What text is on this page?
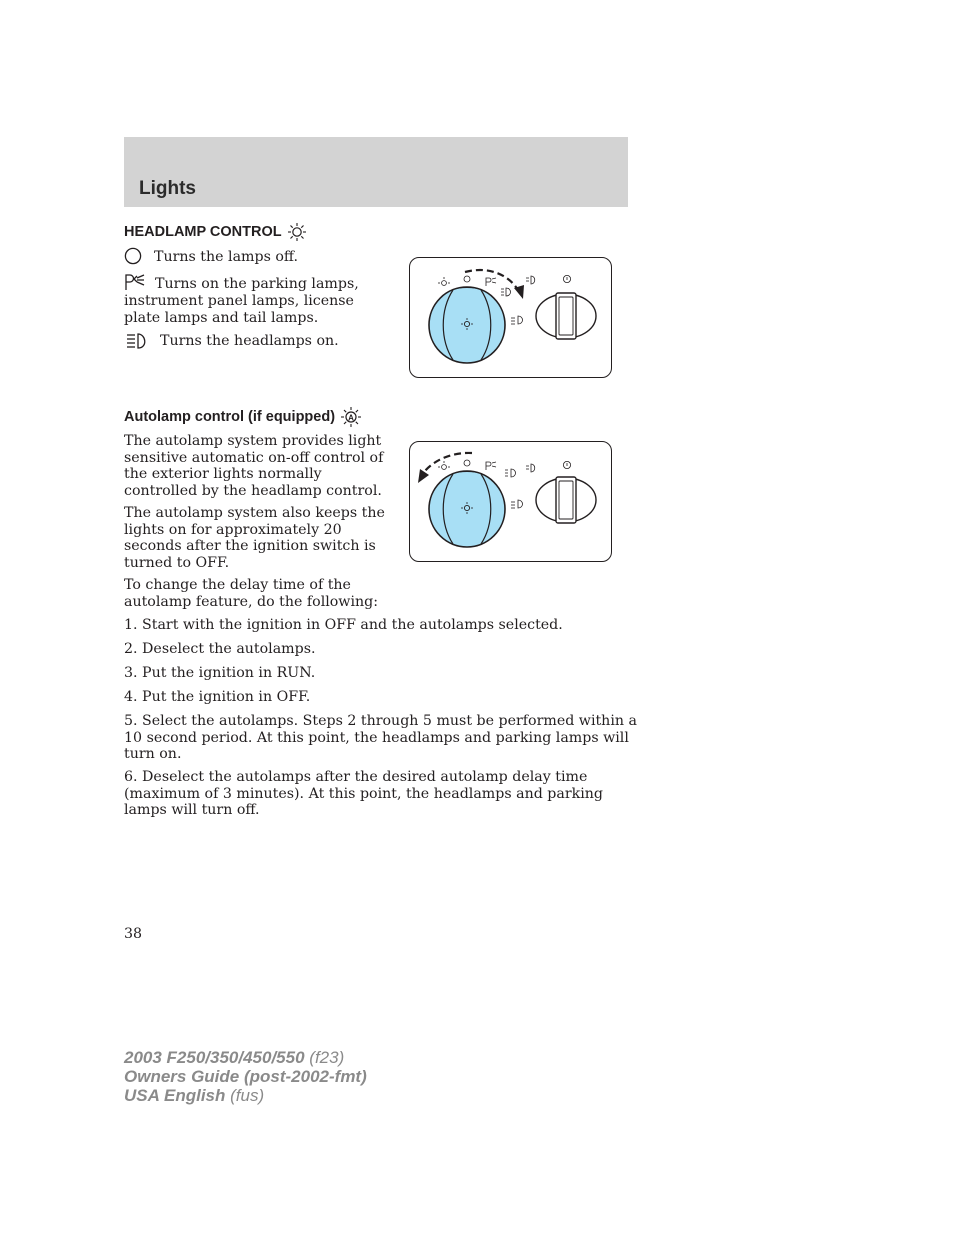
Lights
HEADLAMP CONTROL
Turns the lamps off.
Turns on the parking lamps,
instrument panel lamps, license
plate lamps and tail lamps.
Turns the headlamps on.
Autolamp control (if equipped) A
The autolamp system provides light
sensitive automatic on-off control of
the exterior lights normally
controlled by the headlamp control.
The autolamp system also keeps the
lights on for approximately 20
seconds after the ignition switch is
turned to OFF.
To change the delay time of the
autolamp feature, do the following:
1. Start with the ignition in OFF and the autolamps selected.
2. Deselect the autolamps.
3. Put the ignition in RUN.
4. Put the ignition in OFF.
5. Select the autolamps. Steps 2 through 5 must be performed within a
10 second period. At this point, the headlamps and parking lamps will
turn on.
6. Deselect the autolamps after the desired autolamp delay time
(maximum of 3 minutes). At this point, the headlamps and parking
lamps will turn off.
38
2003 F250/350/450/550 (f23)
Owners Guide (post-2002-fmt)
USA English (fus)
